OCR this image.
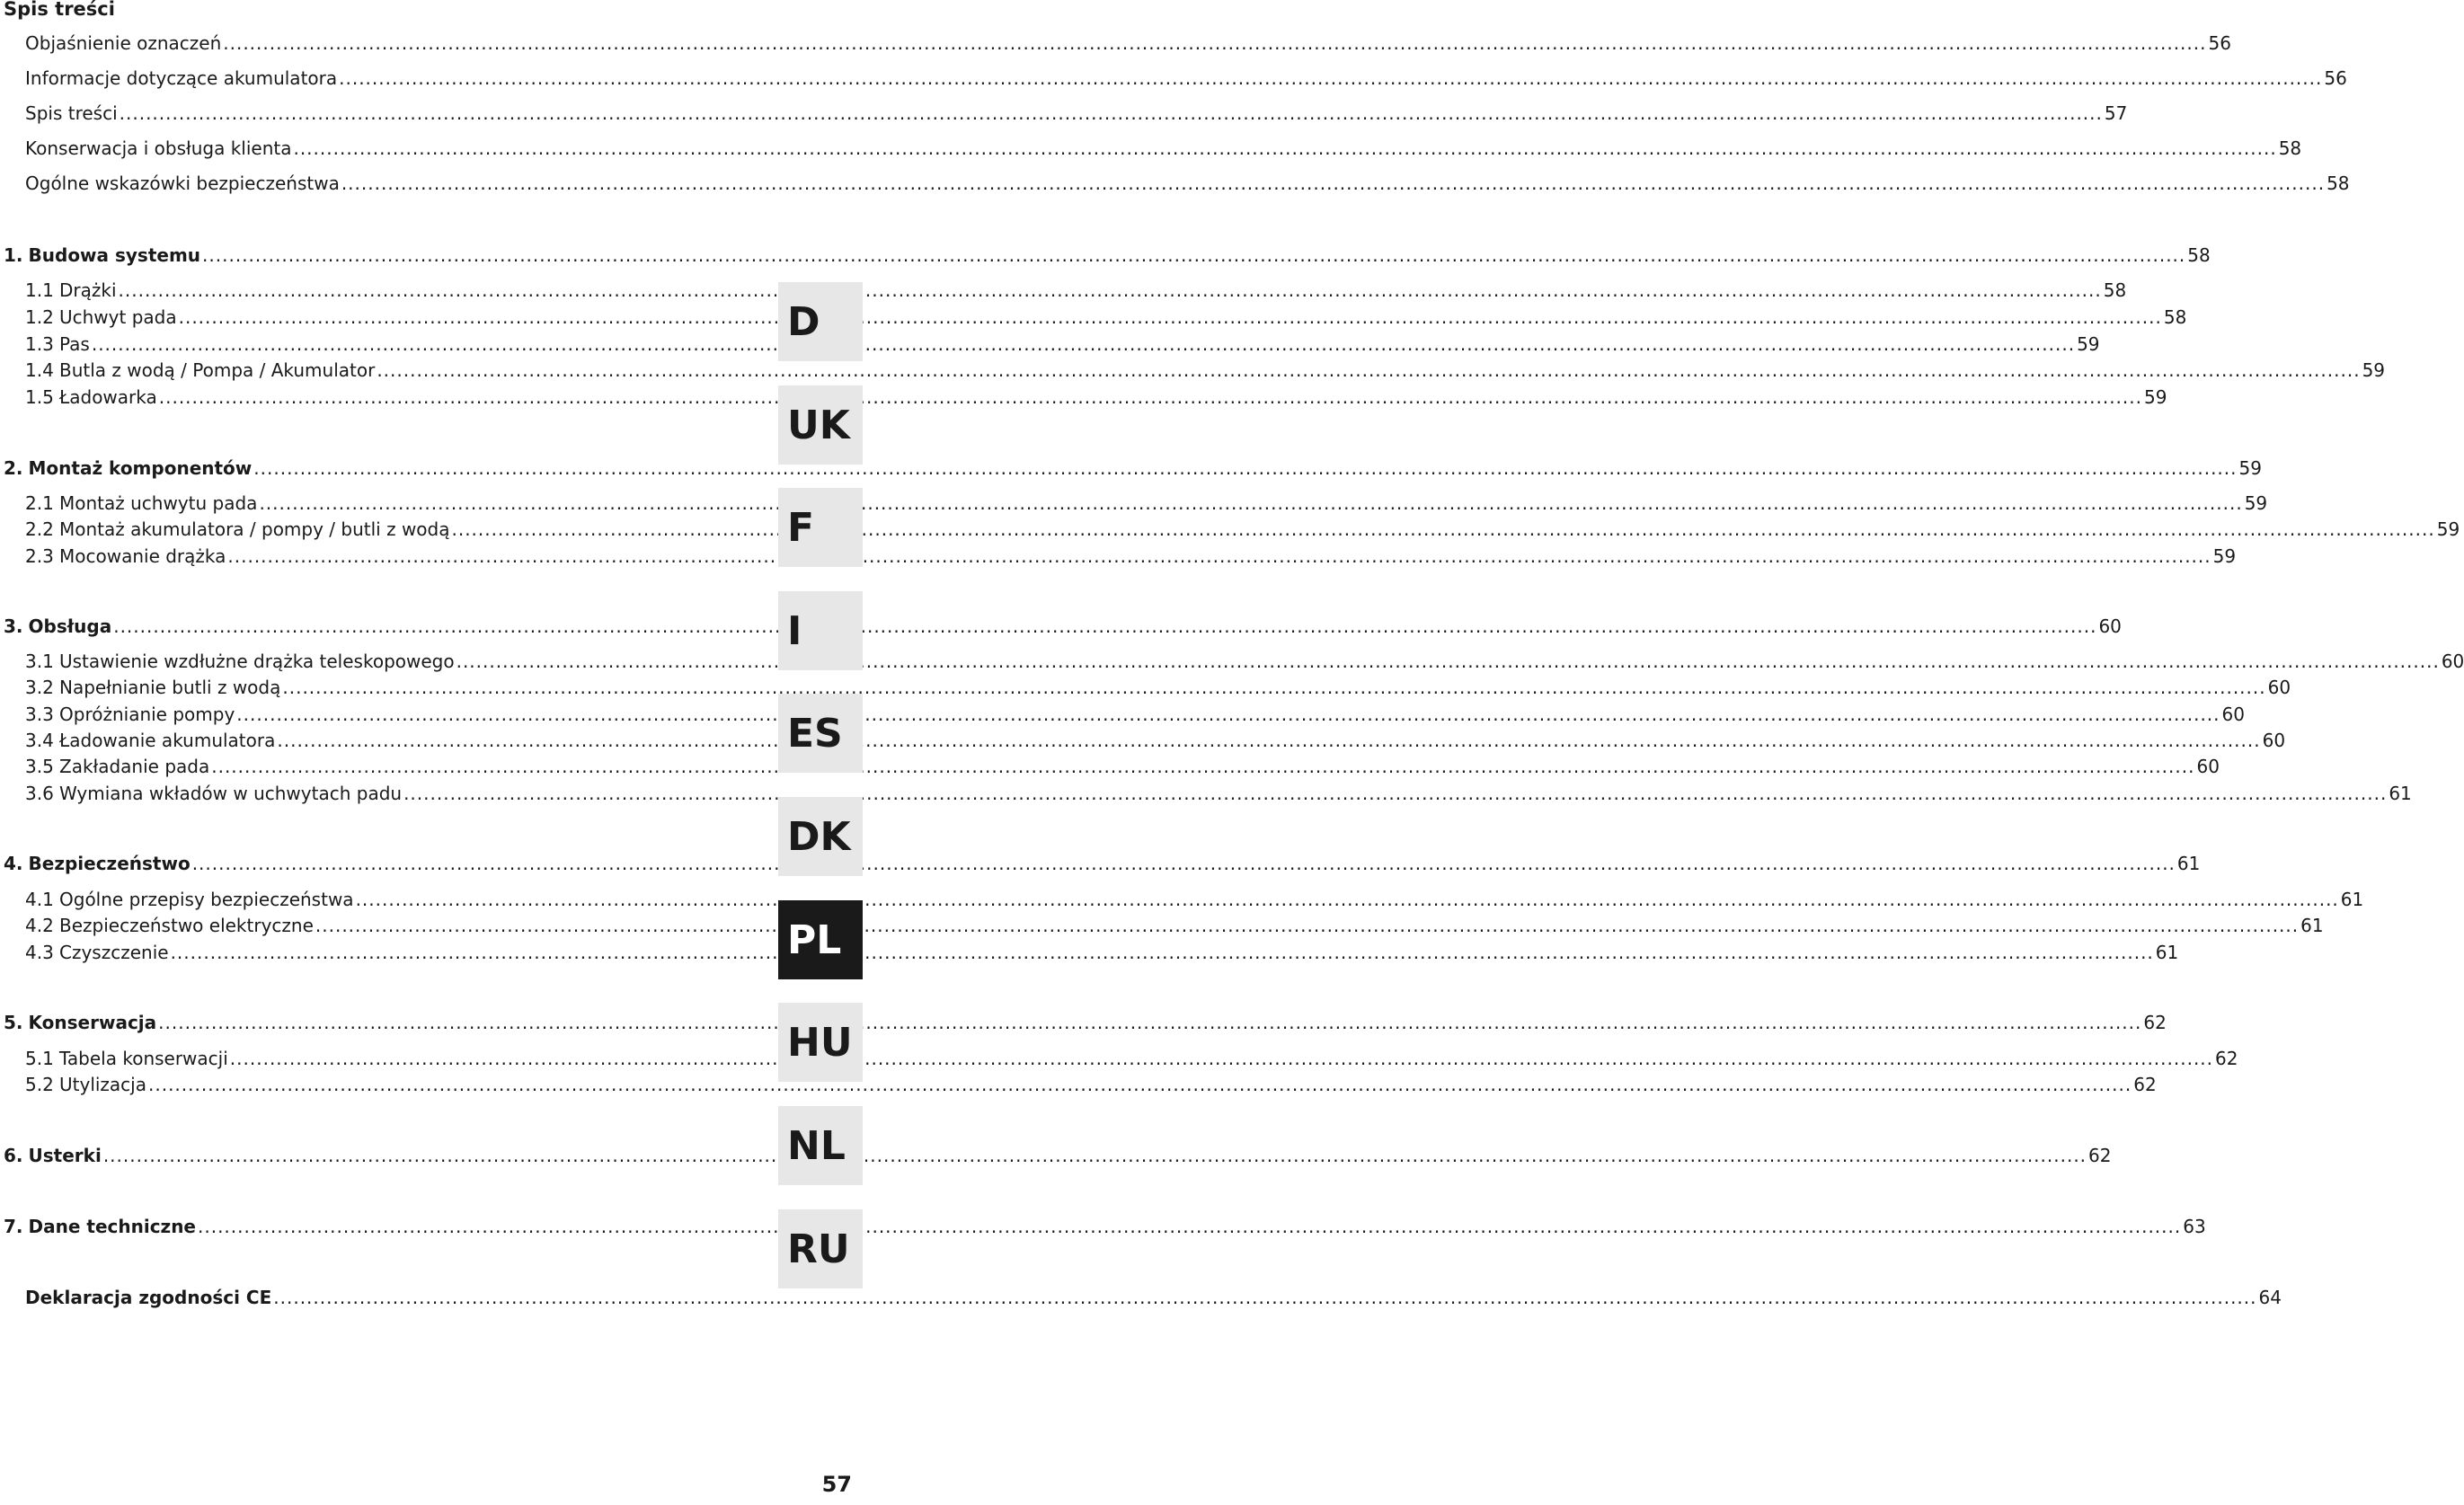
Spis treści
Objaśnienie oznaczeń .....	56
Informacje dotyczące akumulatora .....	56
Spis treści .....	57
Konserwacja i obsługa klienta .....	58
Ogólne wskazówki bezpieczeństwa .....	58
1. Budowa systemu .....	58
1.1 Drążki .....	58
1.2 Uchwyt pada .....	58
1.3 Pas .....	59
1.4 Butla z wodą / Pompa / Akumulator .....	59
1.5 Ładowarka .....	59
2. Montaż komponentów .....	59
2.1 Montaż uchwytu pada .....	59
2.2 Montaż akumulatora / pompy / butli z wodą .....	59
2.3 Mocowanie drążka .....	59
3. Obsługa .....	60
3.1 Ustawienie wzdłużne drążka teleskopowego .....	60
3.2 Napełnianie butli z wodą .....	60
3.3 Opróżnianie pompy .....	60
3.4 Ładowanie akumulatora .....	60
3.5 Zakładanie pada .....	60
3.6 Wymiana wkładów w uchwytach padu .....	61
4. Bezpieczeństwo .....	61
4.1 Ogólne przepisy bezpieczeństwa .....	61
4.2 Bezpieczeństwo elektryczne .....	61
4.3 Czyszczenie .....	61
5. Konserwacja .....	62
5.1 Tabela konserwacji .....	62
5.2 Utylizacja .....	62
6. Usterki .....	62
7. Dane techniczne .....	63
Deklaracja zgodności CE .....	64
D
UK
F
I
ES
DK
PL
HU
NL
RU
57
